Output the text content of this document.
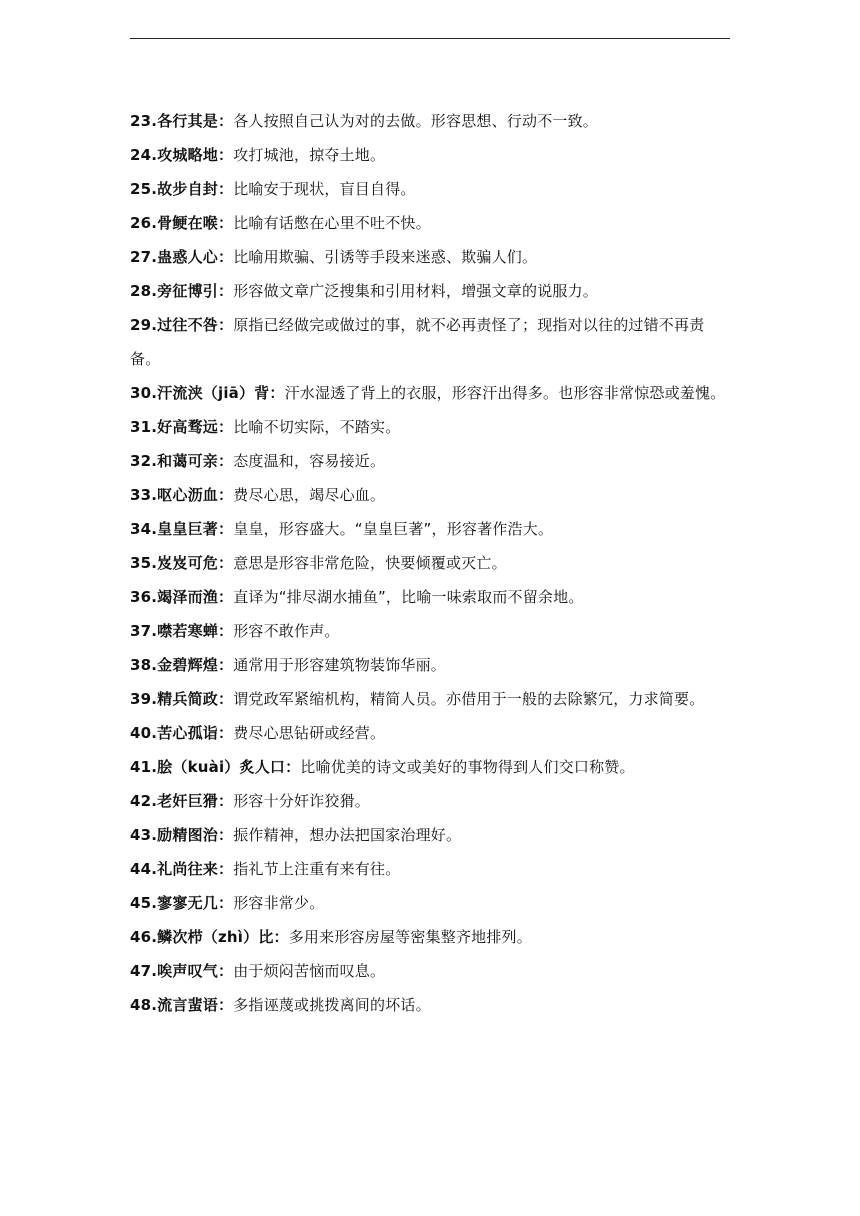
23.各行其是：各人按照自己认为对的去做。形容思想、行动不一致。

24.攻城略地：攻打城池，掠夺土地。

25.故步自封：比喻安于现状，盲目自得。

26.骨鲠在喉：比喻有话憋在心里不吐不快。

27.蛊惑人心：比喻用欺骗、引诱等手段来迷惑、欺骗人们。

28.旁征博引：形容做文章广泛搜集和引用材料，增强文章的说服力。

29.过往不咎：原指已经做完或做过的事，就不必再责怪了；现指对以往的过错不再责备。

30.汗流浃（jiā）背：汗水湿透了背上的衣服，形容汗出得多。也形容非常惊恐或羞愧。

31.好高骛远：比喻不切实际，不踏实。

32.和蔼可亲：态度温和，容易接近。

33.呕心沥血：费尽心思，竭尽心血。

34.皇皇巨著：皇皇，形容盛大。“皇皇巨著”，形容著作浩大。

35.岌岌可危：意思是形容非常危险，快要倾覆或灭亡。

36.竭泽而渔：直译为“排尽湖水捕鱼”，比喻一味索取而不留余地。

37.噤若寒蝉：形容不敢作声。

38.金碧辉煌：通常用于形容建筑物装饰华丽。

39.精兵简政：谓党政军紧缩机构，精简人员。亦借用于一般的去除繁冗，力求简要。

40.苦心孤诣：费尽心思钻研或经营。

41.脍（kuài）炙人口：比喻优美的诗文或美好的事物得到人们交口称赞。

42.老奸巨猾：形容十分奸诈狡猾。

43.励精图治：振作精神，想办法把国家治理好。

44.礼尚往来：指礼节上注重有来有往。

45.寥寥无几：形容非常少。

46.鳞次栉（zhì）比：多用来形容房屋等密集整齐地排列。

47.唉声叹气：由于烦闷苦恼而叹息。

48.流言蜚语：多指诬蔑或挑拨离间的坏话。
